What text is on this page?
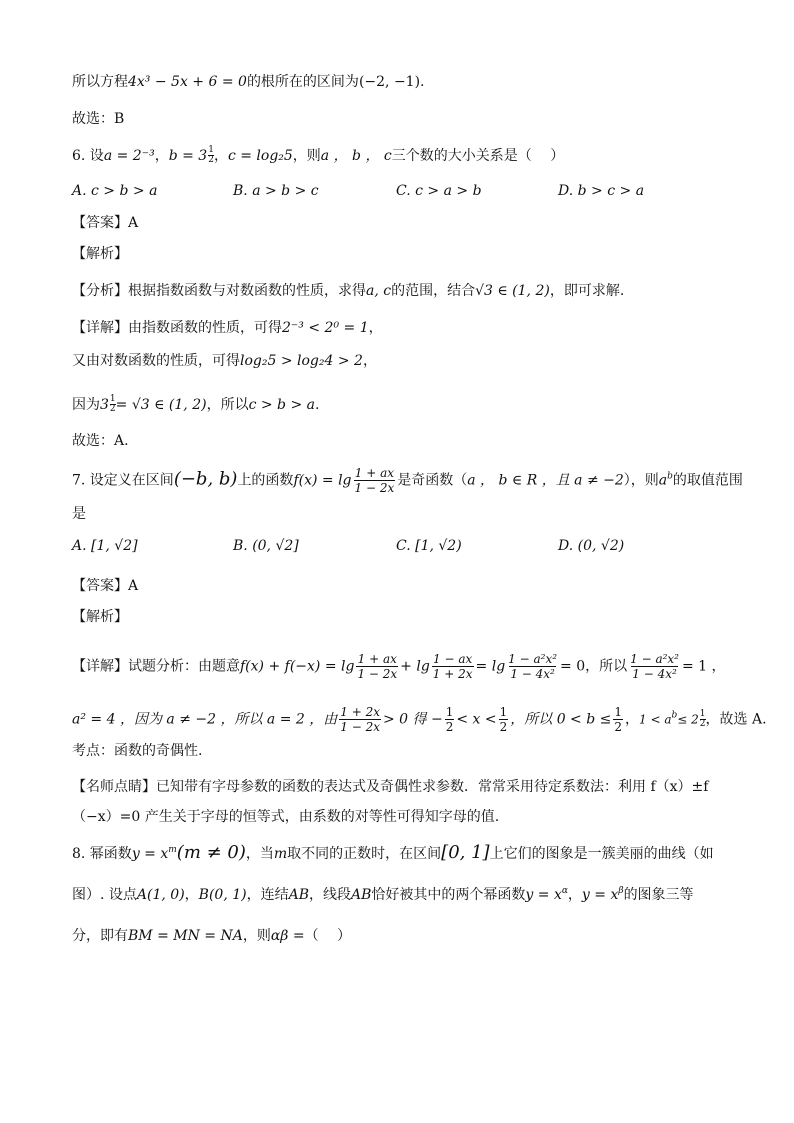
所以方程4x³ − 5x + 6 = 0的根所在的区间为(−2, −1).
故选：B
6. 设a = 2⁻³，$b = 3 \frac{1}{2}$ ，c = log₂5，则a ， b ， c三个数的大小关系是（　 ）
A. c > b > a	B. a > b > c	C. c > a > b	D. b > c > a
【答案】A
【解析】
【分析】根据指数函数与对数函数的性质，求得a, c的范围，结合√3 ∈ (1, 2)，即可求解.
【详解】由指数函数的性质，可得2⁻³ < 2⁰ = 1，
又由对数函数的性质，可得log₂5 > log₂4 > 2，
因为$3 \frac{1}{2} = √3$ ∈ (1, 2)，所以c > b > a.
故选：A.
7. 设定义在区间(−b, b)上的函数$f(x) = \lg \frac{1 + ax}{1 - 2x}$ 是奇函数（a ， b ∈ R ，且 a ≠ −2），则$a^b$的取值范围
是
A. [1, √2]	B. (0, √2]	C. [1, √2)	D. (0, √2)
【答案】A
【解析】
【详解】试题分析：由题意$f(x) + f(-x) = \lg \frac{1 + ax}{1 - 2x} + \lg \frac{1 - ax}{1 + 2x} = \lg \frac{\text{1 − a²x²}}{\text{1 − 4x²}} = 0$，所以 $\frac{\text{1 − a²x²}}{\text{1 − 4x²}} = 1$ ，
a² = 4 ，因为 a ≠ −2 ，所以 a = 2 ，由 $\frac{1 + 2x}{1 - 2x} > 0$ 得 − $\frac{1}{2} < x < \frac{1}{2}$ ，所以 $0 < b \le \frac{1}{2}$ ，$1 < a^b\le 2 \frac{1}{2}$ ，故选 A.
考点：函数的奇偶性.
【名师点睛】已知带有字母参数的函数的表达式及奇偶性求参数．常常采用待定系数法：利用 f（x）±f
（−x）=0 产生关于字母的恒等式，由系数的对等性可得知字母的值.
8. 幂函数$y = x^m(m \ne 0)$，当m取不同的正数时，在区间[0, 1]上它们的图象是一簇美丽的曲线（如
图）. 设点A(1, 0)，B(0, 1)，连结AB，线段AB恰好被其中的两个幂函数$y = x^\alpha$，$y = x^\beta$的图象三等
分，即有BM = MN = NA，则αβ =（　 ）
